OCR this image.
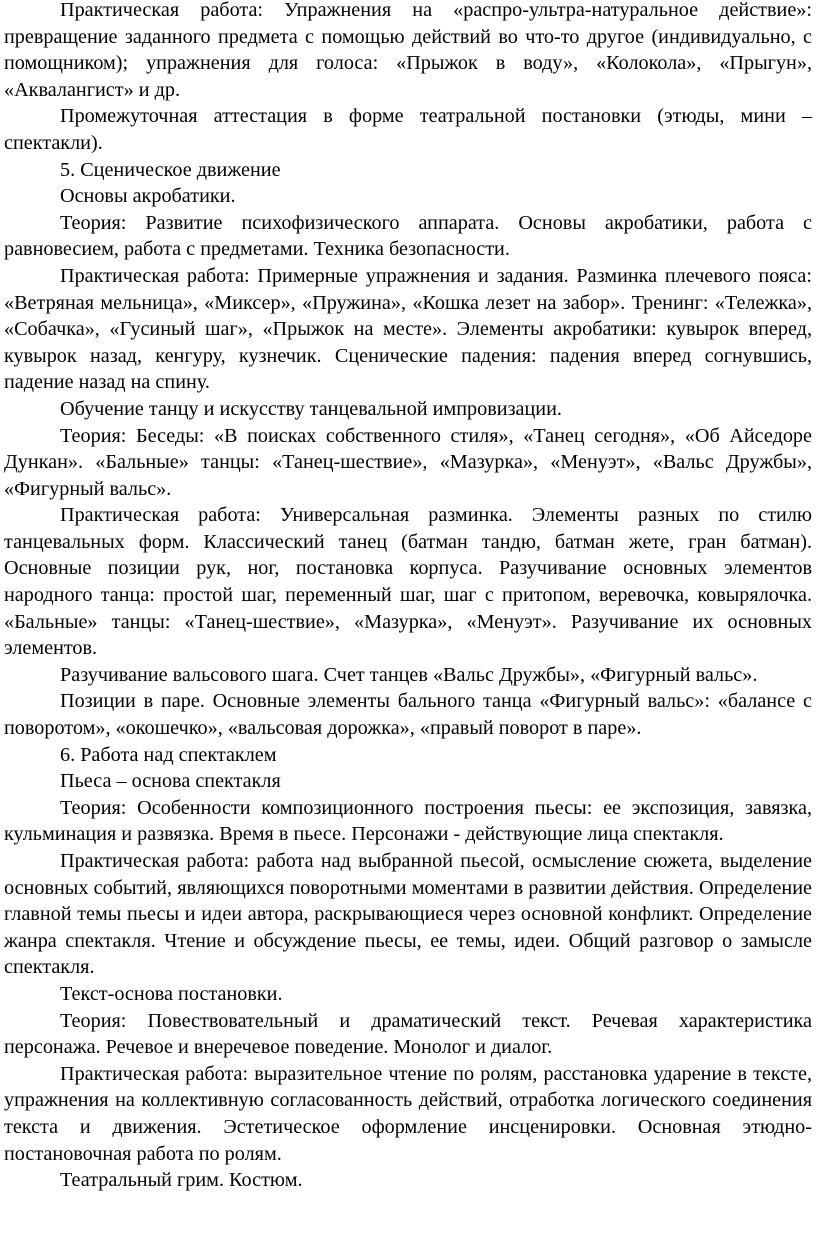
Практическая работа: Упражнения на «распро-ультра-натуральное действие»: превращение заданного предмета с помощью действий во что-то другое (индивидуально, с помощником); упражнения для голоса: «Прыжок в воду», «Колокола», «Прыгун», «Аквалангист» и др.

Промежуточная аттестация в форме театральной постановки (этюды, мини – спектакли).

5. Сценическое движение

Основы акробатики.

Теория: Развитие психофизического аппарата. Основы акробатики, работа с равновесием, работа с предметами. Техника безопасности.

Практическая работа: Примерные упражнения и задания. Разминка плечевого пояса: «Ветряная мельница», «Миксер», «Пружина», «Кошка лезет на забор». Тренинг: «Тележка», «Собачка», «Гусиный шаг», «Прыжок на месте». Элементы акробатики: кувырок вперед, кувырок назад, кенгуру, кузнечик. Сценические падения: падения вперед согнувшись, падение назад на спину.

Обучение танцу и искусству танцевальной импровизации.

Теория: Беседы: «В поисках собственного стиля», «Танец сегодня», «Об Айседоре Дункан». «Бальные» танцы: «Танец-шествие», «Мазурка», «Менуэт», «Вальс Дружбы», «Фигурный вальс».

Практическая работа: Универсальная разминка. Элементы разных по стилю танцевальных форм. Классический танец (батман тандю, батман жете, гран батман). Основные позиции рук, ног, постановка корпуса. Разучивание основных элементов народного танца: простой шаг, переменный шаг, шаг с притопом, веревочка, ковырялочка. «Бальные» танцы: «Танец-шествие», «Мазурка», «Менуэт». Разучивание их основных элементов.

Разучивание вальсового шага. Счет танцев «Вальс Дружбы», «Фигурный вальс».

Позиции в паре. Основные элементы бального танца «Фигурный вальс»: «балансе с поворотом», «окошечко», «вальсовая дорожка», «правый поворот в паре».

6. Работа над спектаклем

Пьеса – основа спектакля

Теория: Особенности композиционного построения пьесы: ее экспозиция, завязка, кульминация и развязка. Время в пьесе. Персонажи - действующие лица спектакля.

Практическая работа: работа над выбранной пьесой, осмысление сюжета, выделение основных событий, являющихся поворотными моментами в развитии действия. Определение главной темы пьесы и идеи автора, раскрывающиеся через основной конфликт. Определение жанра спектакля. Чтение и обсуждение пьесы, ее темы, идеи. Общий разговор о замысле спектакля.

Текст-основа постановки.

Теория: Повествовательный и драматический текст. Речевая характеристика персонажа. Речевое и внеречевое поведение. Монолог и диалог.

Практическая работа: выразительное чтение по ролям, расстановка ударение в тексте, упражнения на коллективную согласованность действий, отработка логического соединения текста и движения. Эстетическое оформление инсценировки. Основная этюдно-постановочная работа по ролям.

Театральный грим. Костюм.
